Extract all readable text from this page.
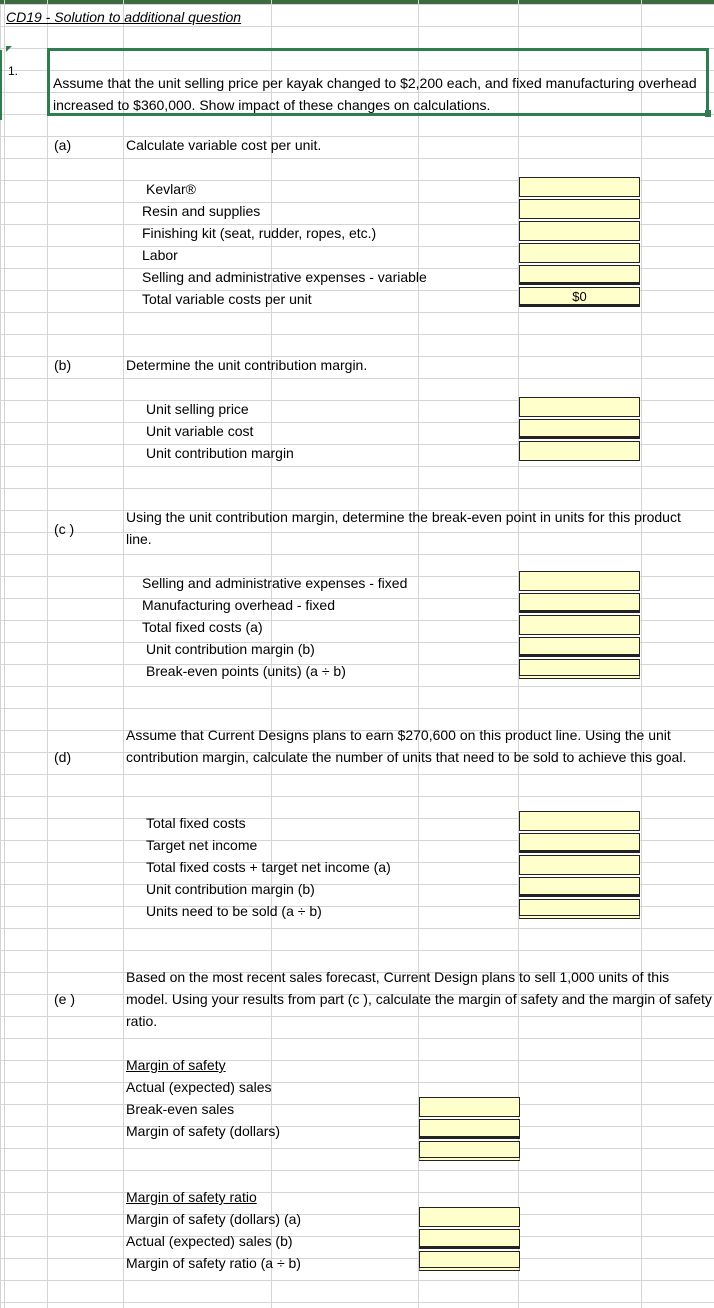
CD19 - Solution to additional question
1.
Assume that the unit selling price per kayak changed to $2,200 each, and fixed manufacturing overhead increased to $360,000. Show impact of these changes on calculations.
(a)	Calculate variable cost per unit.
Kevlar®
Resin and supplies
Finishing kit (seat, rudder, ropes, etc.)
Labor
Selling and administrative expenses - variable
Total variable costs per unit	$0
(b)	Determine the unit contribution margin.
Unit selling price
Unit variable cost
Unit contribution margin
(c )
Using the unit contribution margin, determine the break-even point in units for this product line.
Selling and administrative expenses - fixed
Manufacturing overhead - fixed
Total fixed costs (a)
Unit contribution margin (b)
Break-even points (units) (a ÷ b)
(d)
Assume that Current Designs plans to earn $270,600 on this product line. Using the unit contribution margin, calculate the number of units that need to be sold to achieve this goal.
Total fixed costs
Target net income
Total fixed costs + target net income (a)
Unit contribution margin (b)
Units need to be sold (a ÷ b)
(e )
Based on the most recent sales forecast, Current Design plans to sell 1,000 units of this model. Using your results from part (c ), calculate the margin of safety and the margin of safety ratio.
Margin of safety
Actual (expected) sales
Break-even sales
Margin of safety (dollars)
Margin of safety ratio
Margin of safety (dollars) (a)
Actual (expected) sales (b)
Margin of safety ratio (a ÷ b)
